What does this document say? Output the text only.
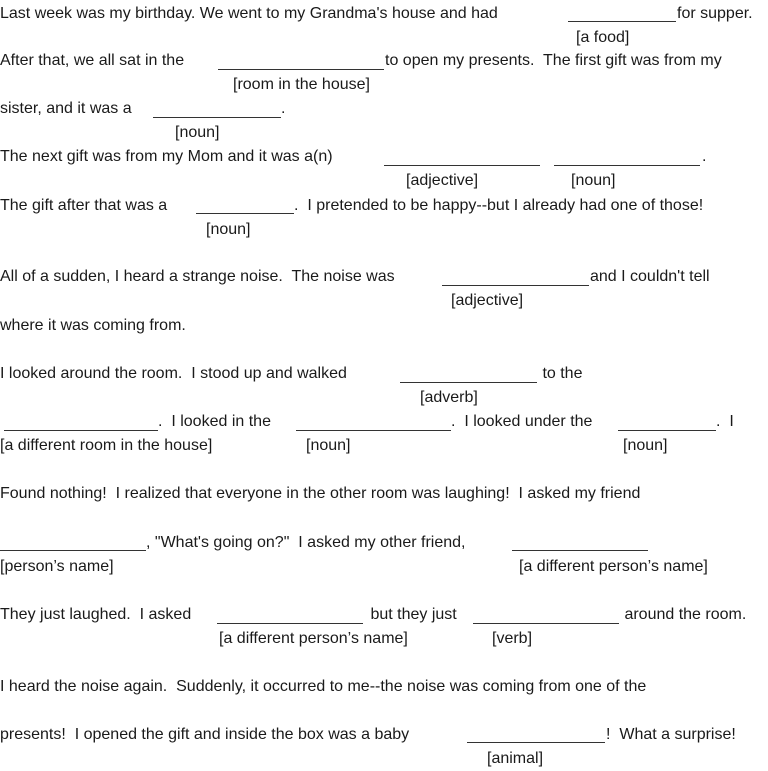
Last week was my birthday. We went to my Grandma's house and had	for supper.
[a food]
After that, we all sat in the	to open my presents.  The first gift was from my
[room in the house]
sister, and it was a	.
[noun]
The next gift was from my Mom and it was a(n)	.
[adjective]	[noun]
The gift after that was a	.  I pretended to be happy--but I already had one of those!
[noun]
All of a sudden, I heard a strange noise.  The noise was	and I couldn't tell
[adjective]
where it was coming from.
I looked around the room.  I stood up and walked	to the
[adverb]
.  I looked in the	.  I looked under the	.  I
[a different room in the house]	[noun]	[noun]
Found nothing!  I realized that everyone in the other room was laughing!  I asked my friend
, "What's going on?"  I asked my other friend,
[person’s name]	[a different person’s name]
They just laughed.  I asked	but they just	around the room.
[a different person’s name]	[verb]
I heard the noise again.  Suddenly, it occurred to me--the noise was coming from one of the
presents!  I opened the gift and inside the box was a baby	!  What a surprise!
[animal]
